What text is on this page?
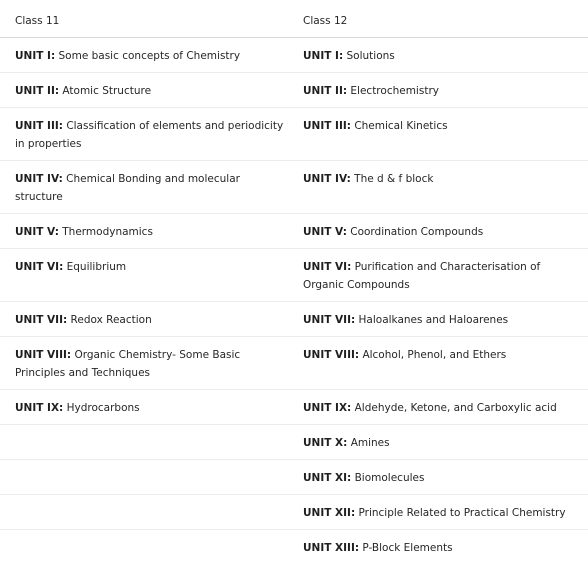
Class 11	Class 12
UNIT I: Some basic concepts of Chemistry	UNIT I: Solutions
UNIT II: Atomic Structure	UNIT II: Electrochemistry
UNIT III: Classification of elements and periodicity in properties	UNIT III: Chemical Kinetics
UNIT IV: Chemical Bonding and molecular structure	UNIT IV: The d & f block
UNIT V: Thermodynamics	UNIT V: Coordination Compounds
UNIT VI: Equilibrium	UNIT VI: Purification and Characterisation of Organic Compounds
UNIT VII: Redox Reaction	UNIT VII: Haloalkanes and Haloarenes
UNIT VIII: Organic Chemistry- Some Basic Principles and Techniques	UNIT VIII: Alcohol, Phenol, and Ethers
UNIT IX: Hydrocarbons	UNIT IX: Aldehyde, Ketone, and Carboxylic acid
	UNIT X: Amines
	UNIT XI: Biomolecules
	UNIT XII: Principle Related to Practical Chemistry
	UNIT XIII: P-Block Elements
